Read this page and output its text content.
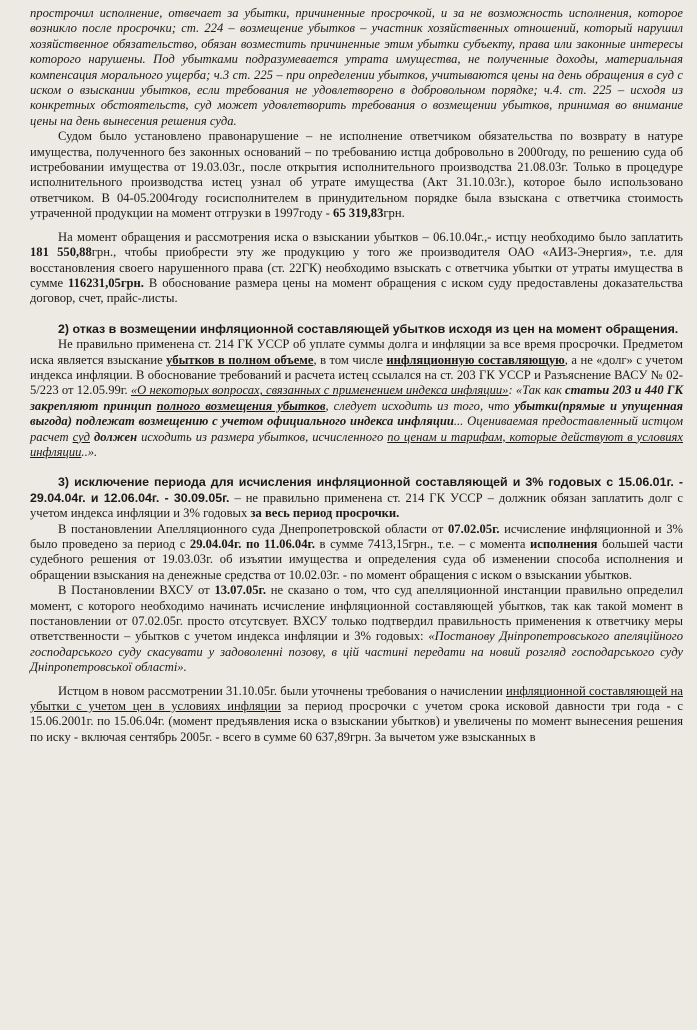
прострочил исполнение, отвечает за убытки, причиненные просрочкой, и за не возможность исполнения, которое возникло после просрочки; ст. 224 – возмещение убытков – участник хозяйственных отношений, который нарушил хозяйственное обязательство, обязан возместить причиненные этим убытки субъекту, права или законные интересы которого нарушены. Под убытками подразумевается утрата имущества, не полученные доходы, материальная компенсация морального ущерба; ч.3 ст. 225 – при определении убытков, учитываются цены на день обращения в суд с иском о взыскании убытков, если требования не удовлетворено в добровольном порядке; ч.4. ст. 225 – исходя из конкретных обстоятельств, суд может удовлетворить требования о возмещении убытков, принимая во внимание цены на день вынесения решения суда.

Судом было установлено правонарушение – не исполнение ответчиком обязательства по возврату в натуре имущества, полученного без законных оснований – по требованию истца добровольно в 2000году, по решению суда об истребовании имущества от 19.03.03г., после открытия исполнительного производства 21.08.03г. Только в процедуре исполнительного производства истец узнал об утрате имущества (Акт 31.10.03г.), которое было использовано ответчиком. В 04-05.2004году госисполнителем в принудительном порядке была взыскана с ответчика стоимость утраченной продукции на момент отгрузки в 1997году - 65 319,83грн.

На момент обращения и рассмотрения иска о взыскании убытков – 06.10.04г.,- истцу необходимо было заплатить 181 550,88грн., чтобы приобрести эту же продукцию у того же производителя ОАО «АИЗ-Энергия», т.е. для восстановления своего нарушенного права (ст. 22ГК) необходимо взыскать с ответчика убытки от утраты имущества в сумме 116231,05грн. В обоснование размера цены на момент обращения с иском суду предоставлены доказательства договор, счет, прайс-листы.

2) отказ в возмещении инфляционной составляющей убытков исходя из цен на момент обращения.

Не правильно применена ст. 214 ГК УССР об уплате суммы долга и инфляции за все время просрочки. Предметом иска является взыскание убытков в полном объеме, в том числе инфляционную составляющую, а не «долг» с учетом индекса инфляции. В обоснование требований и расчета истец ссылался на ст. 203 ГК УССР и Разъяснение ВАСУ № 02-5/223 от 12.05.99г. «О некоторых вопросах, связанных с применением индекса инфляции»: «Так как статьи 203 и 440 ГК закрепляют принцип полного возмещения убытков, следует исходить из того, что убытки(прямые и упущенная выгода) подлежат возмещению с учетом официального индекса инфляции... Оцениваемая предоставленный истцом расчет суд должен исходить из размера убытков, исчисленного по ценам и тарифам, которые действуют в условиях инфляции..».

3) исключение периода для исчисления инфляционной составляющей и 3% годовых с 15.06.01г. - 29.04.04г. и 12.06.04г. - 30.09.05г. – не правильно применена ст. 214 ГК УССР – должник обязан заплатить долг с учетом индекса инфляции и 3% годовых за весь период просрочки.

В постановлении Апелляционного суда Днепропетровской области от 07.02.05г. исчисление инфляционной и 3% было проведено за период с 29.04.04г. по 11.06.04г. в сумме 7413,15грн., т.е. – с момента исполнения большей части судебного решения от 19.03.03г. об изъятии имущества и определения суда об изменении способа исполнения и обращении взыскания на денежные средства от 10.02.03г. - по момент обращения с иском о взыскании убытков.

В Постановлении ВХСУ от 13.07.05г. не сказано о том, что суд апелляционной инстанции правильно определил момент, с которого необходимо начинать исчисление инфляционной составляющей убытков, так как такой момент в постановлении от 07.02.05г. просто отсутсвует. ВХСУ только подтвердил правильность применения к ответчику меры ответственности – убытков с учетом индекса инфляции и 3% годовых: «Постанову Дніпропетровського апеляційного господарського суду скасувати у задоволенні позову, в цій частині передати на новий розгляд господарського суду Дніпропетровської області».

Истцом в новом рассмотрении 31.10.05г. были уточнены требования о начислении инфляционной составляющей на убытки с учетом цен в условиях инфляции за период просрочки с учетом срока исковой давности три года - с 15.06.2001г. по 15.06.04г. (момент предъявления иска о взыскании убытков) и увеличены по момент вынесения решения по иску - включая сентябрь 2005г. - всего в сумме 60 637,89грн. За вычетом уже взысканных в
